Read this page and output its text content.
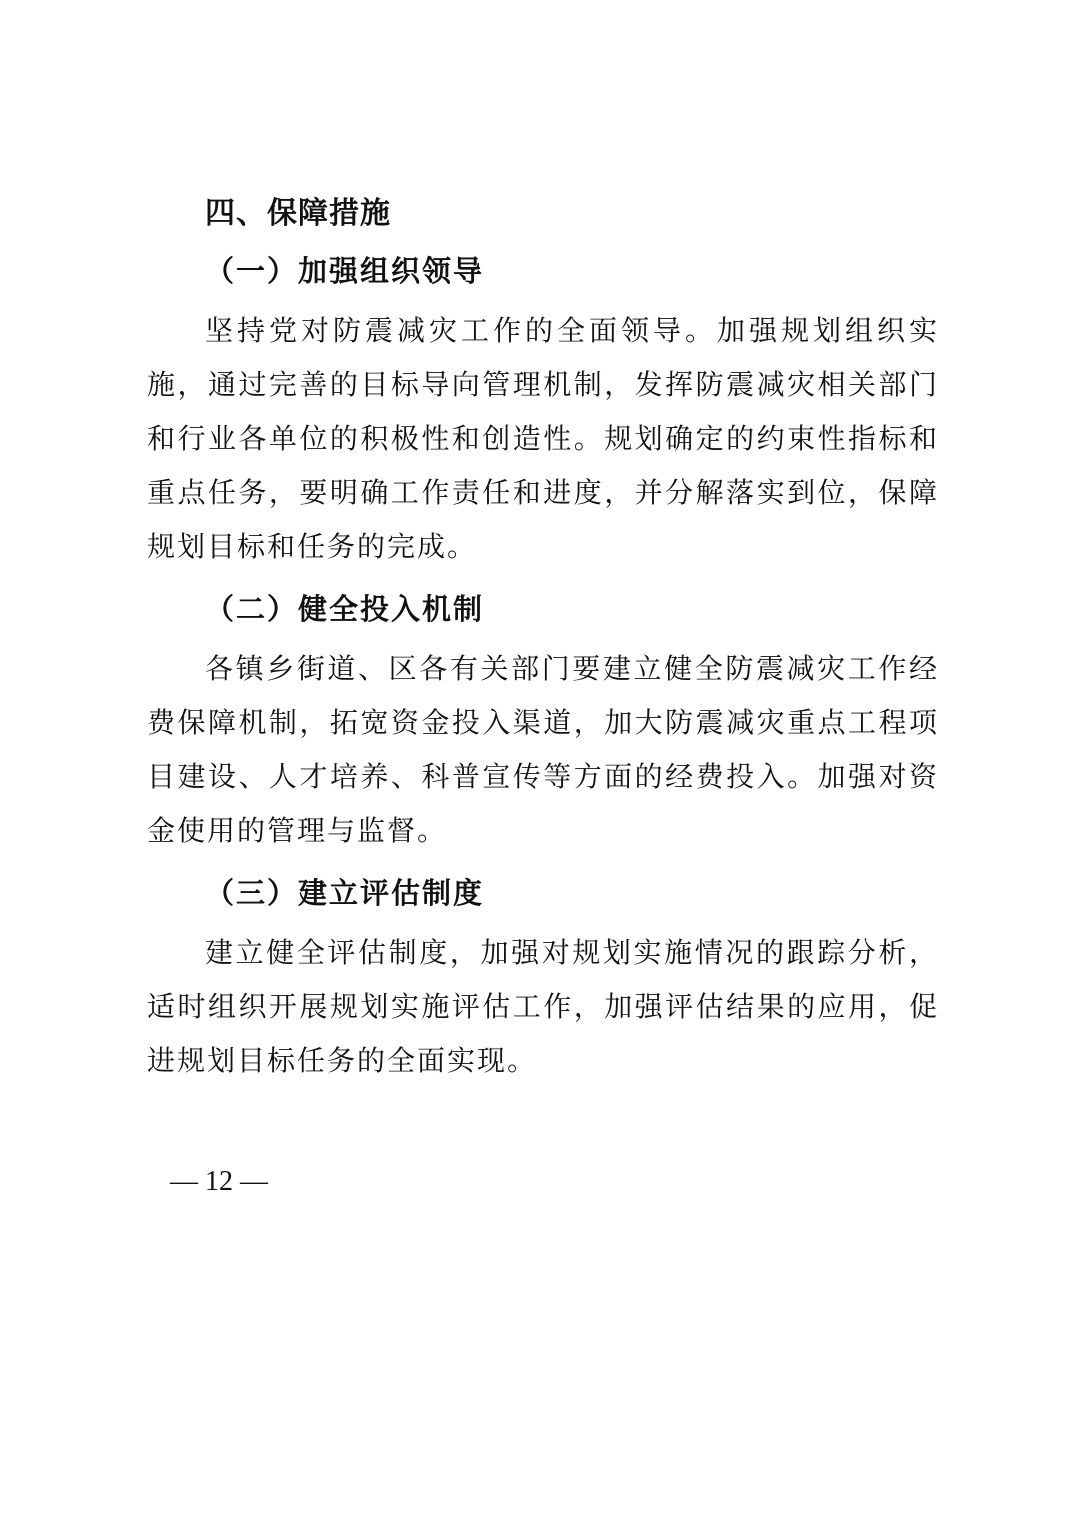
四、保障措施
（一）加强组织领导

坚持党对防震减灾工作的全面领导。加强规划组织实施，通过完善的目标导向管理机制，发挥防震减灾相关部门和行业各单位的积极性和创造性。规划确定的约束性指标和重点任务，要明确工作责任和进度，并分解落实到位，保障规划目标和任务的完成。

（二）健全投入机制

各镇乡街道、区各有关部门要建立健全防震减灾工作经费保障机制，拓宽资金投入渠道，加大防震减灾重点工程项目建设、人才培养、科普宣传等方面的经费投入。加强对资金使用的管理与监督。

（三）建立评估制度

建立健全评估制度，加强对规划实施情况的跟踪分析，适时组织开展规划实施评估工作，加强评估结果的应用，促进规划目标任务的全面实现。

— 12 —
